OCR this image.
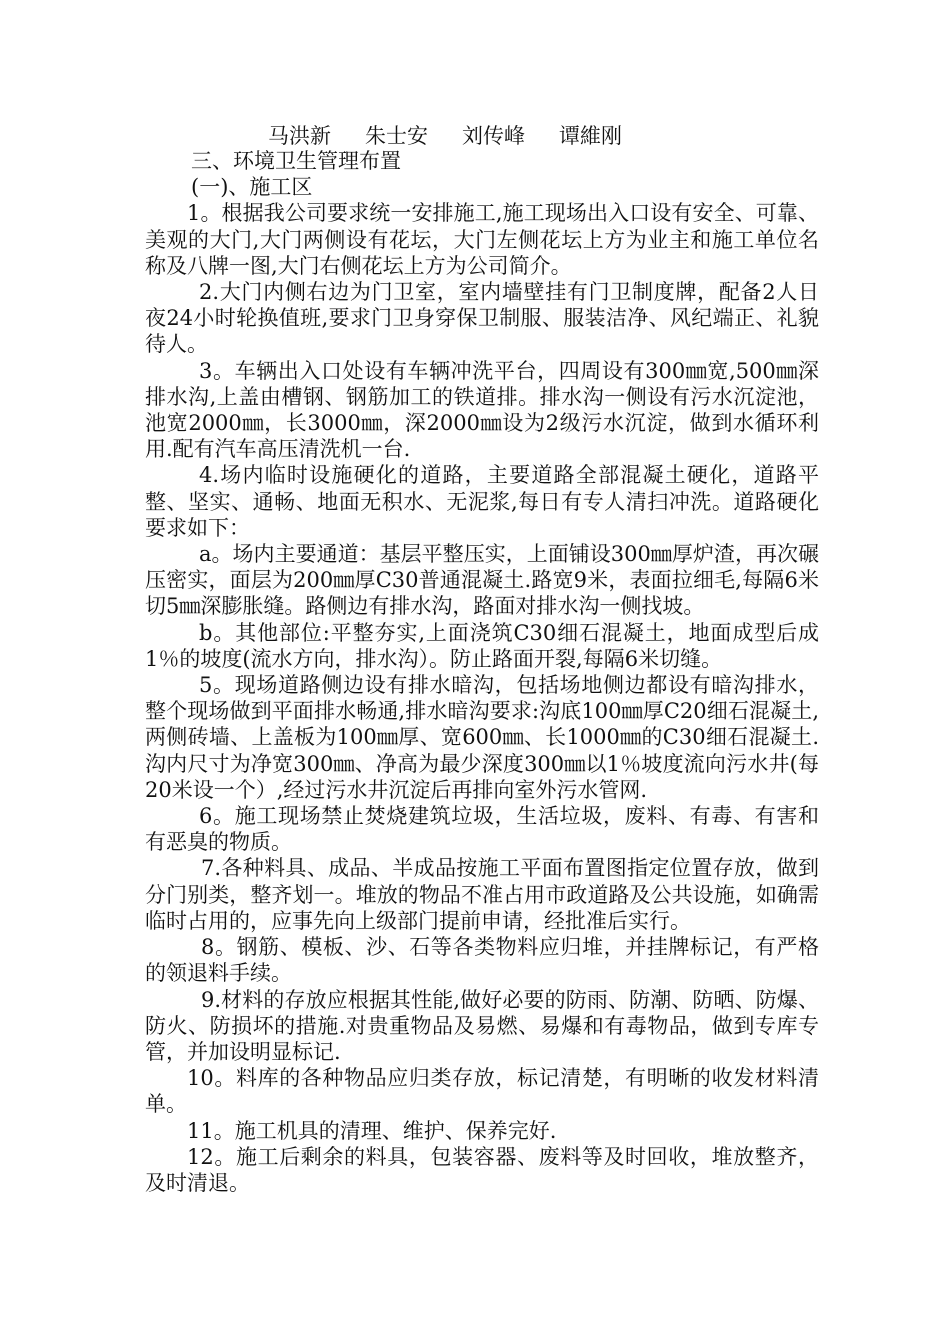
马洪新 朱士安 刘传峰 谭維刚

三、环境卫生管理布置

(一)、施工区

1。根据我公司要求统一安排施工,施工现场出入口设有安全、可靠、美观的大门,大门两侧设有花坛，大门左侧花坛上方为业主和施工单位名称及八牌一图,大门右侧花坛上方为公司简介。

2.大门内侧右边为门卫室，室内墙壁挂有门卫制度牌，配备2人日夜24小时轮换值班,要求门卫身穿保卫制服、服装洁净、风纪端正、礼貌待人。

3。车辆出入口处设有车辆冲洗平台，四周设有300㎜宽,500㎜深排水沟,上盖由槽钢、钢筋加工的铁道排。排水沟一侧设有污水沉淀池，池宽2000㎜，长3000㎜，深2000㎜设为2级污水沉淀，做到水循环利用.配有汽车高压清洗机一台.

4.场内临时设施硬化的道路，主要道路全部混凝土硬化，道路平整、坚实、通畅、地面无积水、无泥浆,每日有专人清扫冲洗。道路硬化要求如下：

a。场内主要通道：基层平整压实，上面铺设300㎜厚炉渣，再次碾压密实，面层为200㎜厚C30普通混凝土.路宽9米，表面拉细毛,每隔6米切5㎜深膨胀缝。路侧边有排水沟，路面对排水沟一侧找坡。

b。其他部位:平整夯实,上面浇筑C30细石混凝土，地面成型后成1％的坡度(流水方向，排水沟）。防止路面开裂,每隔6米切缝。

5。现场道路侧边设有排水暗沟，包括场地侧边都设有暗沟排水，整个现场做到平面排水畅通,排水暗沟要求:沟底100㎜厚C20细石混凝土,两侧砖墙、上盖板为100㎜厚、宽600㎜、长1000㎜的C30细石混凝土.沟内尺寸为净宽300㎜、净高为最少深度300㎜以1％坡度流向污水井(每20米设一个）,经过污水井沉淀后再排向室外污水管网.

6。施工现场禁止焚烧建筑垃圾，生活垃圾，废料、有毒、有害和有恶臭的物质。

7.各种料具、成品、半成品按施工平面布置图指定位置存放，做到分门别类，整齐划一。堆放的物品不准占用市政道路及公共设施，如确需临时占用的，应事先向上级部门提前申请，经批准后实行。

8。钢筋、模板、沙、石等各类物料应归堆，并挂牌标记，有严格的领退料手续。

9.材料的存放应根据其性能,做好必要的防雨、防潮、防晒、防爆、防火、防损坏的措施.对贵重物品及易燃、易爆和有毒物品，做到专库专管，并加设明显标记.

10。料库的各种物品应归类存放，标记清楚，有明晰的收发材料清单。

11。施工机具的清理、维护、保养完好.

12。施工后剩余的料具，包装容器、废料等及时回收，堆放整齐，及时清退。
